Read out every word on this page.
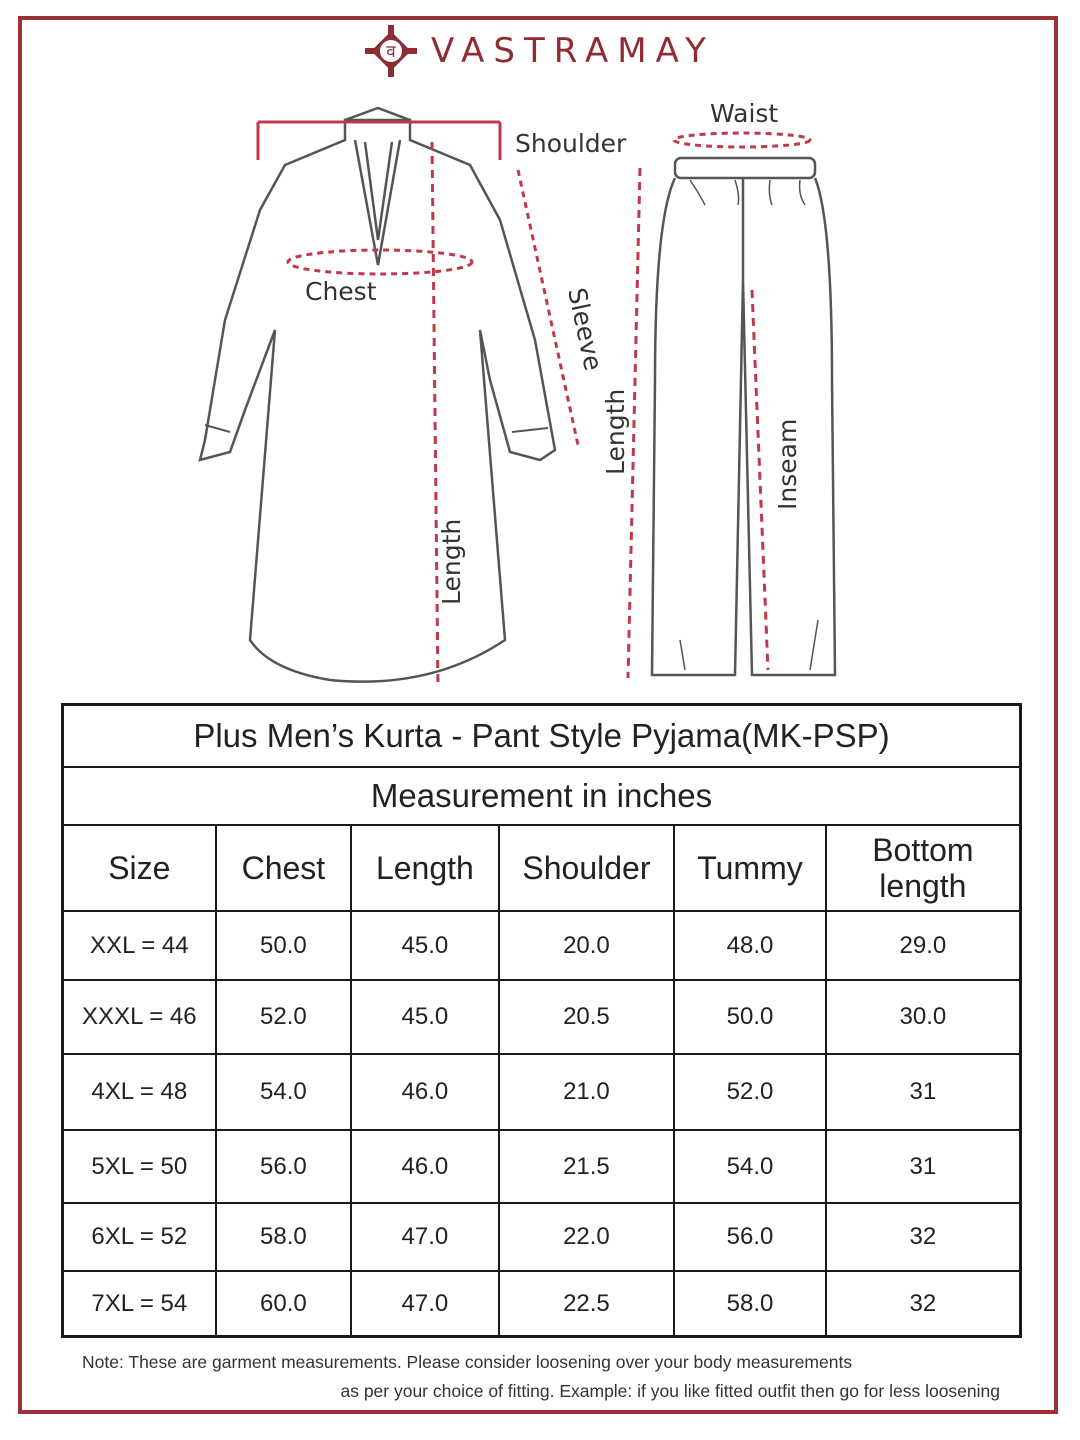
व VASTRAMAY
Shoulder
Chest	Sleeve
Length
Waist
Length	Inseam
Plus Men’s Kurta - Pant Style Pyjama(MK-PSP)					
Measurement in inches					
Size	Chest	Length	Shoulder	Tummy	Bottom length
XXL = 44	50.0	45.0	20.0	48.0	29.0
XXXL = 46	52.0	45.0	20.5	50.0	30.0
4XL = 48	54.0	46.0	21.0	52.0	31
5XL = 50	56.0	46.0	21.5	54.0	31
6XL = 52	58.0	47.0	22.0	56.0	32
7XL = 54	60.0	47.0	22.5	58.0	32
Note: These are garment measurements. Please consider loosening over your body measurements
as per your choice of fitting. Example: if you like fitted outfit then go for less loosening
